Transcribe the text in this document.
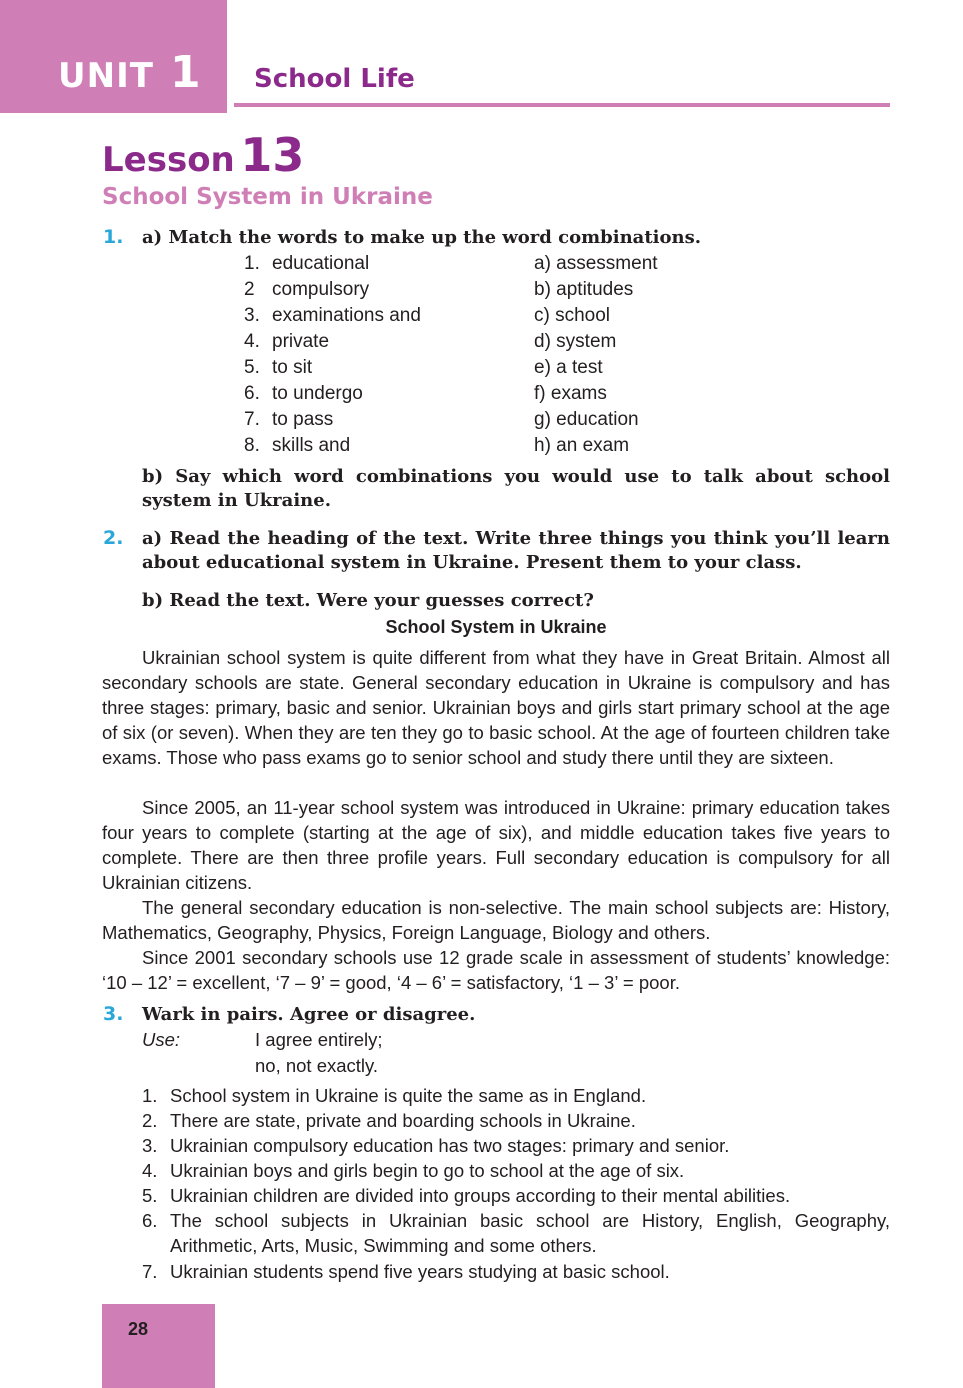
UNIT 1 School Life
Lesson 13
School System in Ukraine
1. a) Match the words to make up the word combinations.
1. educational
2 compulsory
3. examinations and
4. private
5. to sit
6. to undergo
7. to pass
8. skills and
a) assessment
b) aptitudes
c) school
d) system
e) a test
f) exams
g) education
h) an exam
b) Say which word combinations you would use to talk about school system in Ukraine.
2. a) Read the heading of the text. Write three things you think you’ll learn about educational system in Ukraine. Present them to your class.
b) Read the text. Were your guesses correct?
School System in Ukraine
Ukrainian school system is quite different from what they have in Great Britain. Almost all secondary schools are state. General secondary education in Ukraine is compulsory and has three stages: primary, basic and senior. Ukrainian boys and girls start primary school at the age of six (or seven). When they are ten they go to basic school. At the age of fourteen children take exams. Those who pass exams go to senior school and study there until they are sixteen.
Since 2005, an 11-year school system was introduced in Ukraine: primary education takes four years to complete (starting at the age of six), and middle education takes five years to complete. There are then three profile years. Full secondary education is compulsory for all Ukrainian citizens.
The general secondary education is non-selective. The main school subjects are: History, Mathematics, Geography, Physics, Foreign Language, Biology and others.
Since 2001 secondary schools use 12 grade scale in assessment of students’ knowledge: ‘10 – 12’ = excellent, ‘7 – 9’ = good, ‘4 – 6’ = satisfactory, ‘1 – 3’ = poor.
3. Wark in pairs. Agree or disagree.
Use:	I agree entirely;
no, not exactly.
1. School system in Ukraine is quite the same as in England.
2. There are state, private and boarding schools in Ukraine.
3. Ukrainian compulsory education has two stages: primary and senior.
4. Ukrainian boys and girls begin to go to school at the age of six.
5. Ukrainian children are divided into groups according to their mental abilities.
6. The school subjects in Ukrainian basic school are History, English, Geography, Arithmetic, Arts, Music, Swimming and some others.
7. Ukrainian students spend five years studying at basic school.
28
